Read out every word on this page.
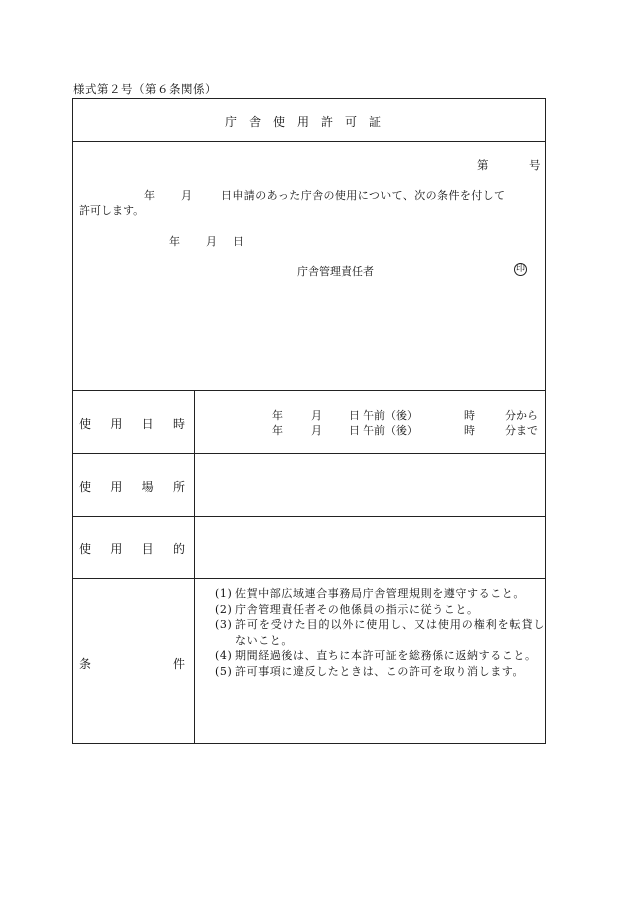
様式第２号（第６条関係）
庁舎使用許可証
第	号
年 月	日申請のあった庁舎の使用について、次の条件を付して
許可します。
年 月 日
庁舎管理責任者	印
使 用 日 時
年	月 日 午前（後）	時	分から
年	月 日 午前（後）	時	分まで
使 用 場 所
使 用 目 的
条	件
(1) 佐賀中部広域連合事務局庁舎管理規則を遵守すること。
(2) 庁舎管理責任者その他係員の指示に従うこと。
(3) 許可を受けた目的以外に使用し、又は使用の権利を転貸しないこと。
(4) 期間経過後は、直ちに本許可証を総務係に返納すること。
(5) 許可事項に違反したときは、この許可を取り消します。
